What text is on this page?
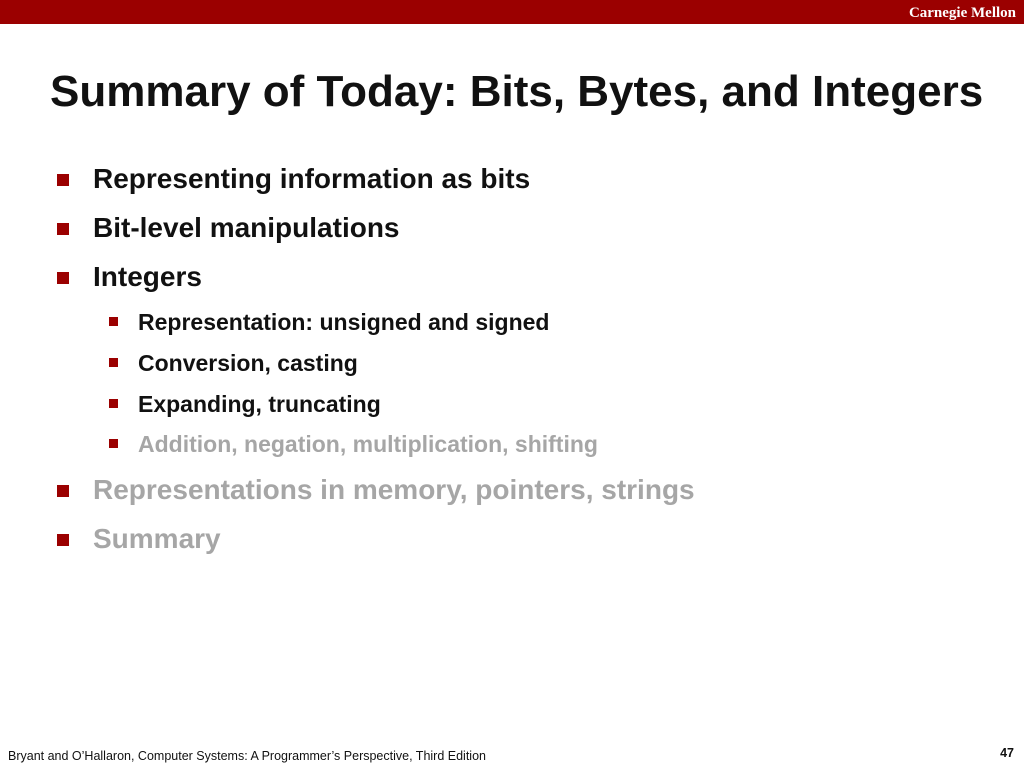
Carnegie Mellon
Summary of Today: Bits, Bytes, and Integers
Representing information as bits
Bit-level manipulations
Integers
Representation: unsigned and signed
Conversion, casting
Expanding, truncating
Addition, negation, multiplication, shifting
Representations in memory, pointers, strings
Summary
Bryant and O’Hallaron, Computer Systems: A Programmer’s Perspective, Third Edition	47
